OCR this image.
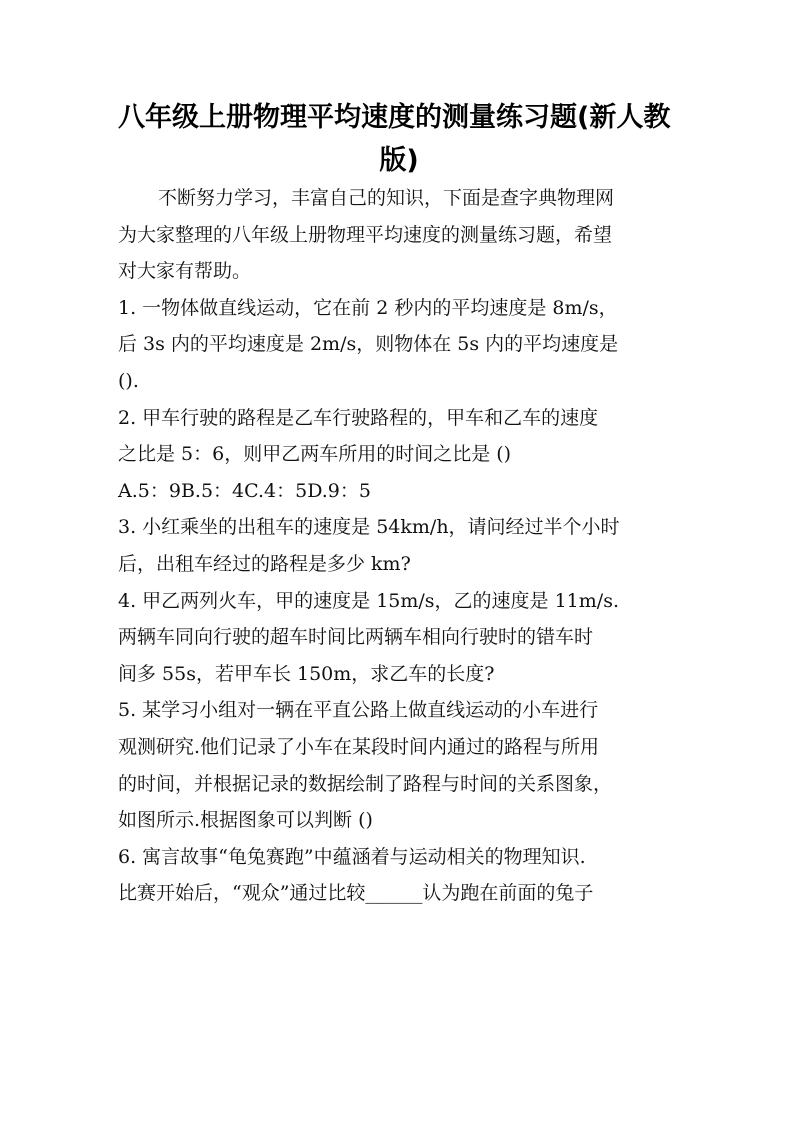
八年级上册物理平均速度的测量练习题(新人教
版)
不断努力学习，丰富自己的知识，下面是查字典物理网
为大家整理的八年级上册物理平均速度的测量练习题，希望
对大家有帮助。
1. 一物体做直线运动，它在前 2 秒内的平均速度是 8m/s，
后 3s 内的平均速度是 2m/s，则物体在 5s 内的平均速度是
().
2. 甲车行驶的路程是乙车行驶路程的，甲车和乙车的速度
之比是 5：6，则甲乙两车所用的时间之比是 ()
A.5：9B.5：4C.4：5D.9：5
3. 小红乘坐的出租车的速度是 54km/h，请问经过半个小时
后，出租车经过的路程是多少 km?
4. 甲乙两列火车，甲的速度是 15m/s，乙的速度是 11m/s.
两辆车同向行驶的超车时间比两辆车相向行驶时的错车时
间多 55s，若甲车长 150m，求乙车的长度?
5. 某学习小组对一辆在平直公路上做直线运动的小车进行
观测研究.他们记录了小车在某段时间内通过的路程与所用
的时间，并根据记录的数据绘制了路程与时间的关系图象，
如图所示.根据图象可以判断 ()
6. 寓言故事“龟兔赛跑”中蕴涵着与运动相关的物理知识.
比赛开始后，“观众”通过比较______认为跑在前面的兔子
